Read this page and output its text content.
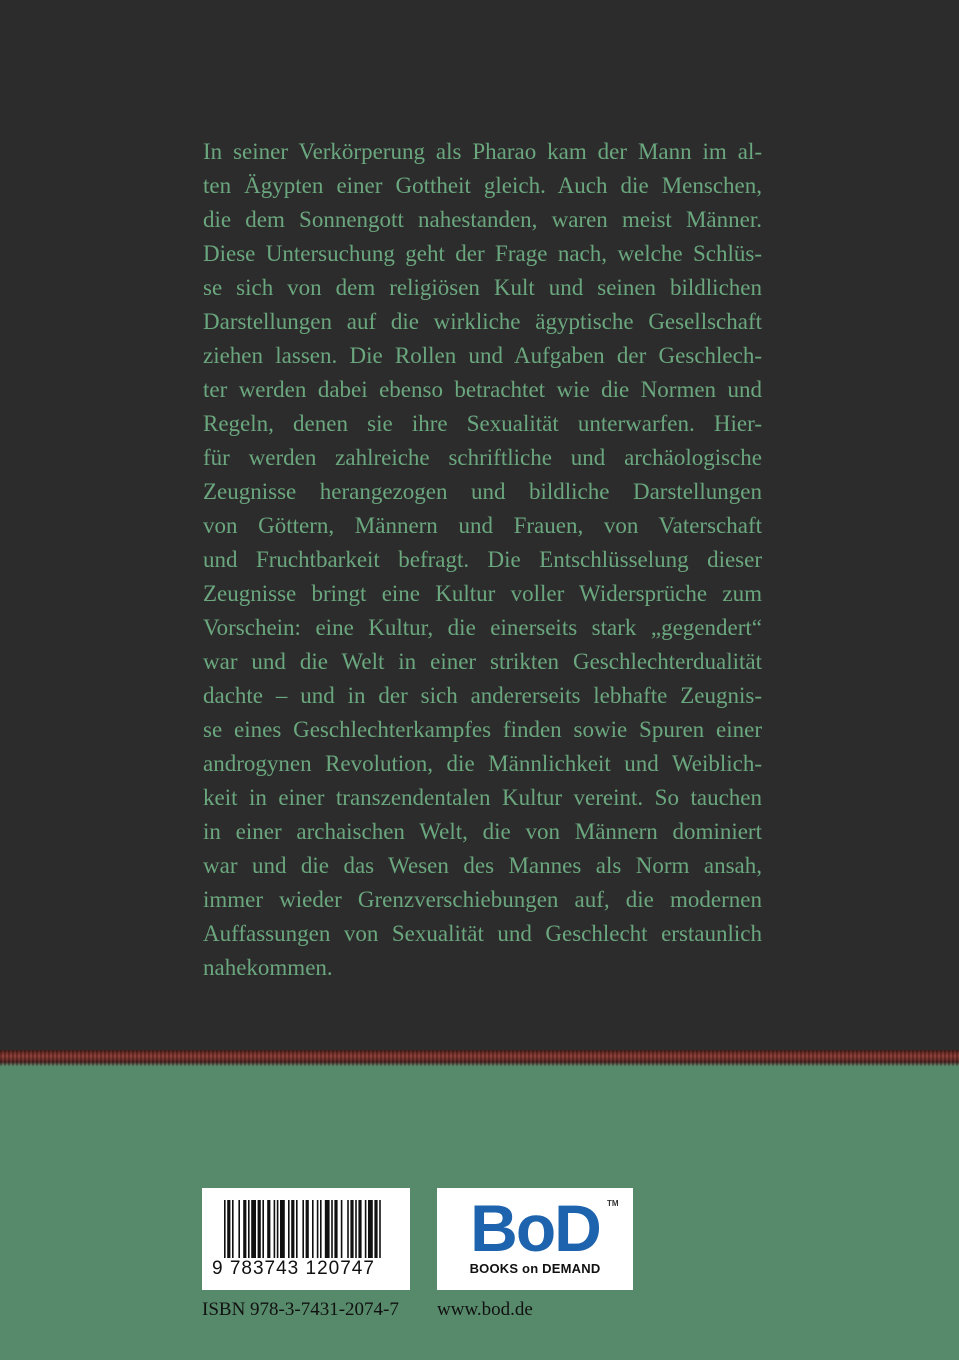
In seiner Verkörperung als Pharao kam der Mann im al-
ten Ägypten einer Gottheit gleich. Auch die Menschen,
die dem Sonnengott nahestanden, waren meist Männer.
Diese Untersuchung geht der Frage nach, welche Schlüs-
se sich von dem religiösen Kult und seinen bildlichen
Darstellungen auf die wirkliche ägyptische Gesellschaft
ziehen lassen. Die Rollen und Aufgaben der Geschlech-
ter werden dabei ebenso betrachtet wie die Normen und
Regeln, denen sie ihre Sexualität unterwarfen. Hier-
für werden zahlreiche schriftliche und archäologische
Zeugnisse herangezogen und bildliche Darstellungen
von Göttern, Männern und Frauen, von Vaterschaft
und Fruchtbarkeit befragt. Die Entschlüsselung dieser
Zeugnisse bringt eine Kultur voller Widersprüche zum
Vorschein: eine Kultur, die einerseits stark „gegendert“
war und die Welt in einer strikten Geschlechterdualität
dachte – und in der sich andererseits lebhafte Zeugnis-
se eines Geschlechterkampfes finden sowie Spuren einer
androgynen Revolution, die Männlichkeit und Weiblich-
keit in einer transzendentalen Kultur vereint. So tauchen
in einer archaischen Welt, die von Männern dominiert
war und die das Wesen des Mannes als Norm ansah,
immer wieder Grenzverschiebungen auf, die modernen
Auffassungen von Sexualität und Geschlecht erstaunlich
nahekommen.
9 783743 120747
BoD TM
BOOKS on DEMAND
ISBN 978-3-7431-2074-7 www.bod.de
